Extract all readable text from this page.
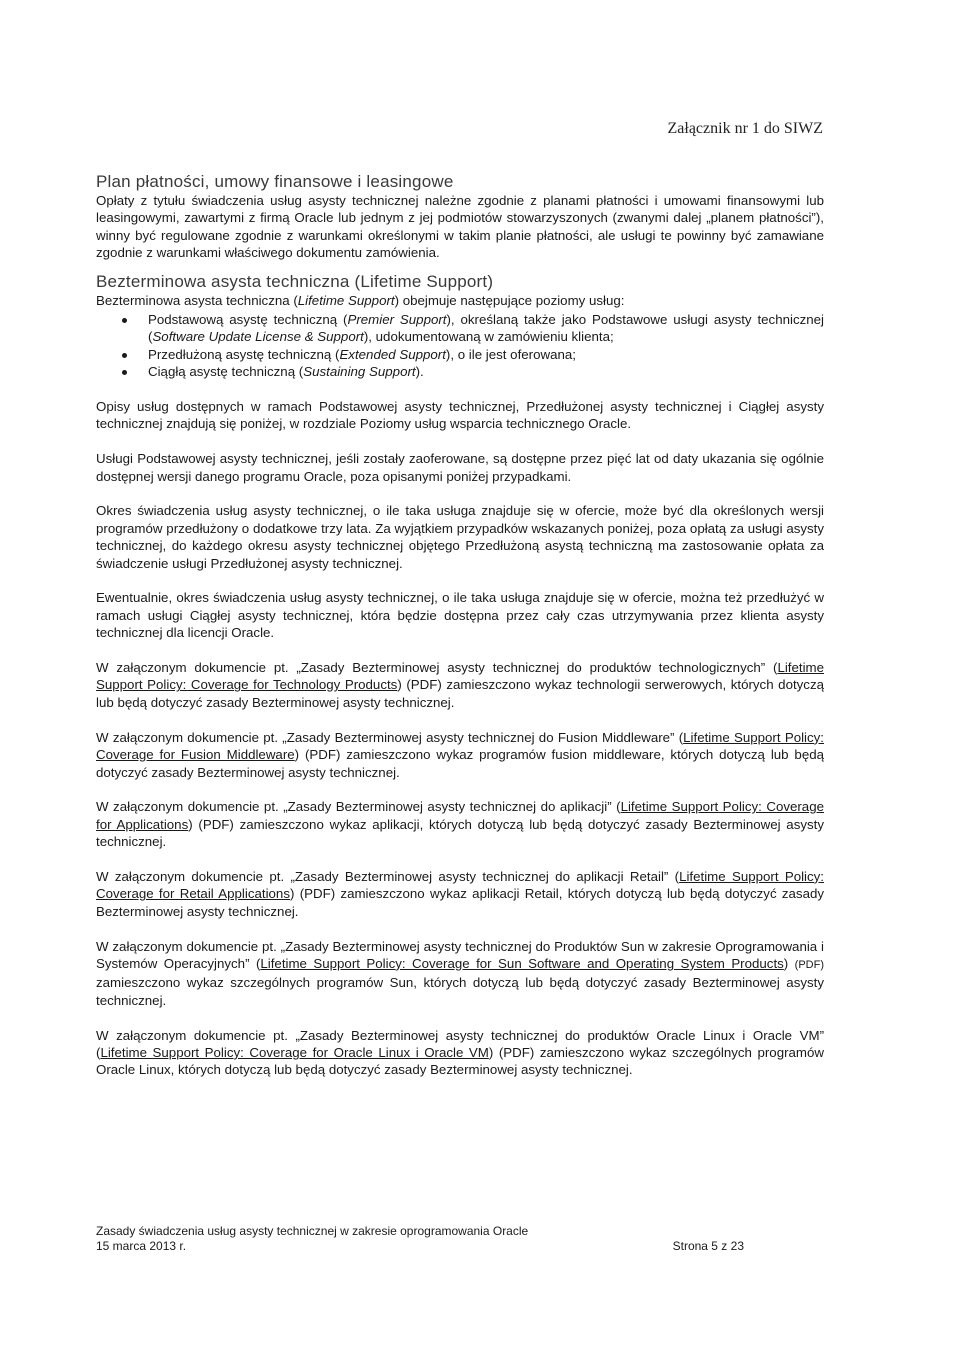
Załącznik nr 1 do SIWZ
Plan płatności, umowy finansowe i leasingowe

Opłaty z tytułu świadczenia usług asysty technicznej należne zgodnie z planami płatności i umowami finansowymi lub leasingowymi, zawartymi z firmą Oracle lub jednym z jej podmiotów stowarzyszonych (zwanymi dalej „planem płatności”), winny być regulowane zgodnie z warunkami określonymi w takim planie płatności, ale usługi te powinny być zamawiane zgodnie z warunkami właściwego dokumentu zamówienia.

Bezterminowa asysta techniczna (Lifetime Support)

Bezterminowa asysta techniczna (Lifetime Support) obejmuje następujące poziomy usług:

Podstawową asystę techniczną (Premier Support), określaną także jako Podstawowe usługi asysty technicznej (Software Update License & Support), udokumentowaną w zamówieniu klienta;
Przedłużoną asystę techniczną (Extended Support), o ile jest oferowana;
Ciągłą asystę techniczną (Sustaining Support).

Opisy usług dostępnych w ramach Podstawowej asysty technicznej, Przedłużonej asysty technicznej i Ciągłej asysty technicznej znajdują się poniżej, w rozdziale Poziomy usług wsparcia technicznego Oracle.

Usługi Podstawowej asysty technicznej, jeśli zostały zaoferowane, są dostępne przez pięć lat od daty ukazania się ogólnie dostępnej wersji danego programu Oracle, poza opisanymi poniżej przypadkami.

Okres świadczenia usług asysty technicznej, o ile taka usługa znajduje się w ofercie, może być dla określonych wersji programów przedłużony o dodatkowe trzy lata. Za wyjątkiem przypadków wskazanych poniżej, poza opłatą za usługi asysty technicznej, do każdego okresu asysty technicznej objętego Przedłużoną asystą techniczną ma zastosowanie opłata za świadczenie usługi Przedłużonej asysty technicznej.

Ewentualnie, okres świadczenia usług asysty technicznej, o ile taka usługa znajduje się w ofercie, można też przedłużyć w ramach usługi Ciągłej asysty technicznej, która będzie dostępna przez cały czas utrzymywania przez klienta asysty technicznej dla licencji Oracle.

W załączonym dokumencie pt. „Zasady Bezterminowej asysty technicznej do produktów technologicznych” (Lifetime Support Policy: Coverage for Technology Products) (PDF) zamieszczono wykaz technologii serwerowych, których dotyczą lub będą dotyczyć zasady Bezterminowej asysty technicznej.

W załączonym dokumencie pt. „Zasady Bezterminowej asysty technicznej do Fusion Middleware” (Lifetime Support Policy: Coverage for Fusion Middleware) (PDF) zamieszczono wykaz programów fusion middleware, których dotyczą lub będą dotyczyć zasady Bezterminowej asysty technicznej.

W załączonym dokumencie pt. „Zasady Bezterminowej asysty technicznej do aplikacji” (Lifetime Support Policy: Coverage for Applications) (PDF) zamieszczono wykaz aplikacji, których dotyczą lub będą dotyczyć zasady Bezterminowej asysty technicznej.

W załączonym dokumencie pt. „Zasady Bezterminowej asysty technicznej do aplikacji Retail” (Lifetime Support Policy: Coverage for Retail Applications) (PDF) zamieszczono wykaz aplikacji Retail, których dotyczą lub będą dotyczyć zasady Bezterminowej asysty technicznej.

W załączonym dokumencie pt. „Zasady Bezterminowej asysty technicznej do Produktów Sun w zakresie Oprogramowania i Systemów Operacyjnych” (Lifetime Support Policy: Coverage for Sun Software and Operating System Products) (PDF) zamieszczono wykaz szczególnych programów Sun, których dotyczą lub będą dotyczyć zasady Bezterminowej asysty technicznej.

W załączonym dokumencie pt. „Zasady Bezterminowej asysty technicznej do produktów Oracle Linux i Oracle VM” (Lifetime Support Policy: Coverage for Oracle Linux i Oracle VM) (PDF) zamieszczono wykaz szczególnych programów Oracle Linux, których dotyczą lub będą dotyczyć zasady Bezterminowej asysty technicznej.

Zasady świadczenia usług asysty technicznej w zakresie oprogramowania Oracle
15 marca 2013 r.	Strona 5 z 23
